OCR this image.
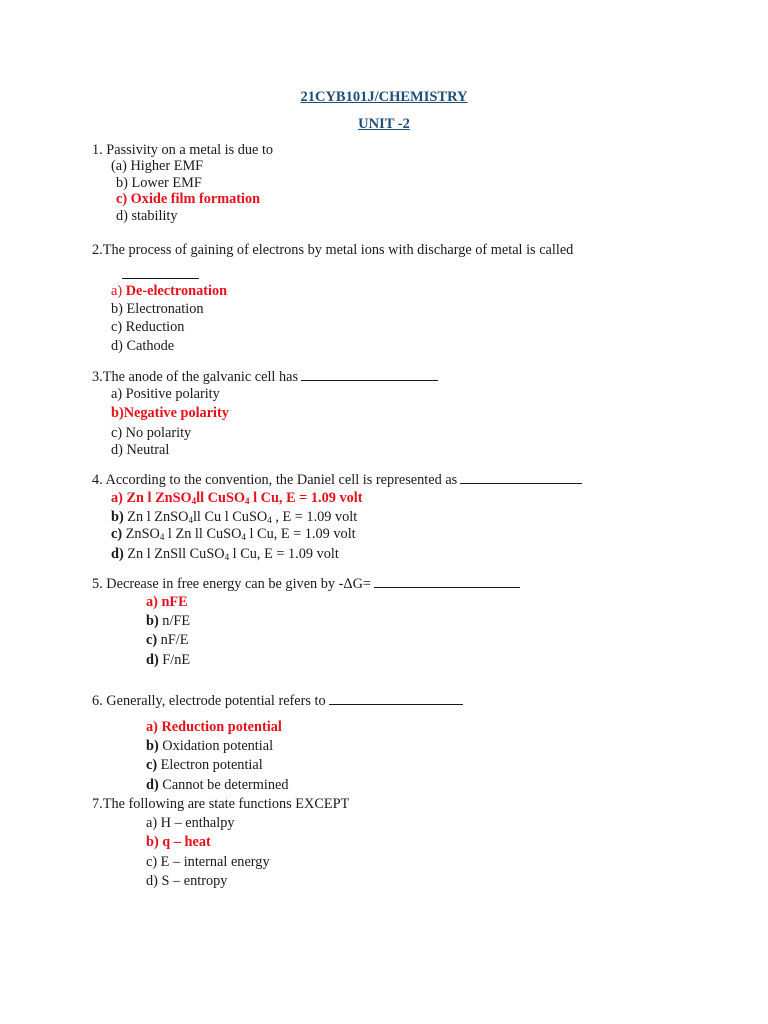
21CYB101J/CHEMISTRY
UNIT -2
1. Passivity on a metal is due to
(a) Higher EMF
b) Lower EMF
c) Oxide film formation
d) stability
2.The process of gaining of electrons by metal ions with discharge of metal is called
a) De-electronation
b) Electronation
c) Reduction
d) Cathode
3.The anode of the galvanic cell has
a) Positive polarity
b)Negative polarity
c) No polarity
d) Neutral
4. According to the convention, the Daniel cell is represented as
a) Zn l ZnSO$_4$ll CuSO$_4$ l Cu, E = 1.09 volt
b) Zn l ZnSO$_4$ll Cu l CuSO$_4$ , E = 1.09 volt
c) ZnSO$_4$ l Zn ll CuSO$_4$ l Cu, E = 1.09 volt
d) Zn l ZnSll CuSO$_4$ l Cu, E = 1.09 volt
5. Decrease in free energy can be given by -ΔG=
a) nFE
b) n/FE
c) nF/E
d) F/nE
6. Generally, electrode potential refers to
a) Reduction potential
b) Oxidation potential
c) Electron potential
d) Cannot be determined
7.The following are state functions EXCEPT
a) H – enthalpy
b) q – heat
c) E – internal energy
d) S – entropy
